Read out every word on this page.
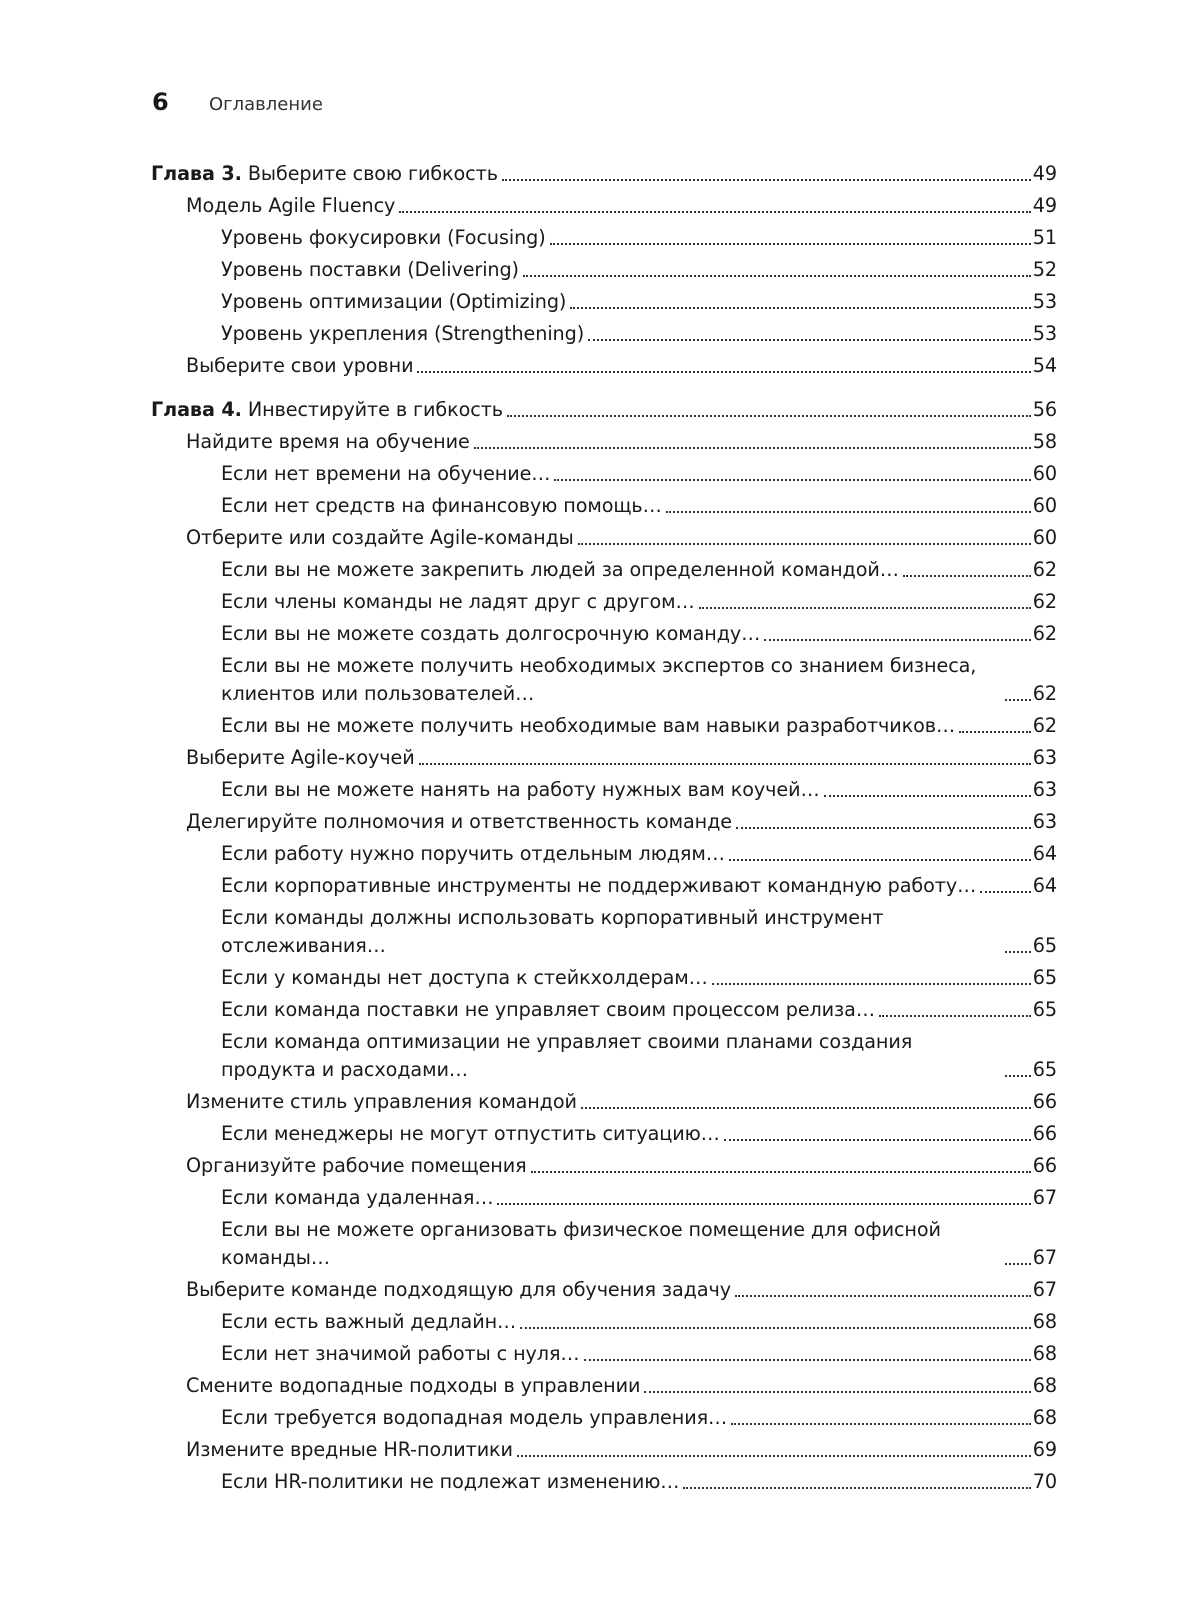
6	Оглавление
Глава 3. Выберите свою гибкость	49
Модель Agile Fluency	49
Уровень фокусировки (Focusing)	51
Уровень поставки (Delivering)	52
Уровень оптимизации (Optimizing)	53
Уровень укрепления (Strengthening)	53
Выберите свои уровни	54
Глава 4. Инвестируйте в гибкость	56
Найдите время на обучение	58
Если нет времени на обучение…	60
Если нет средств на финансовую помощь…	60
Отберите или создайте Agile-команды	60
Если вы не можете закрепить людей за определенной командой…	62
Если члены команды не ладят друг с другом…	62
Если вы не можете создать долгосрочную команду…	62
Если вы не можете получить необходимых экспертов со знанием бизнеса, клиентов или пользователей…	62
Если вы не можете получить необходимые вам навыки разработчиков…	62
Выберите Agile-коучей	63
Если вы не можете нанять на работу нужных вам коучей…	63
Делегируйте полномочия и ответственность команде	63
Если работу нужно поручить отдельным людям…	64
Если корпоративные инструменты не поддерживают командную работу…	64
Если команды должны использовать корпоративный инструмент отслеживания…	65
Если у команды нет доступа к стейкхолдерам…	65
Если команда поставки не управляет своим процессом релиза…	65
Если команда оптимизации не управляет своими планами создания продукта и расходами…	65
Измените стиль управления командой	66
Если менеджеры не могут отпустить ситуацию…	66
Организуйте рабочие помещения	66
Если команда удаленная…	67
Если вы не можете организовать физическое помещение для офисной команды…	67
Выберите команде подходящую для обучения задачу	67
Если есть важный дедлайн…	68
Если нет значимой работы с нуля…	68
Смените водопадные подходы в управлении	68
Если требуется водопадная модель управления…	68
Измените вредные HR-политики	69
Если HR-политики не подлежат изменению…	70
